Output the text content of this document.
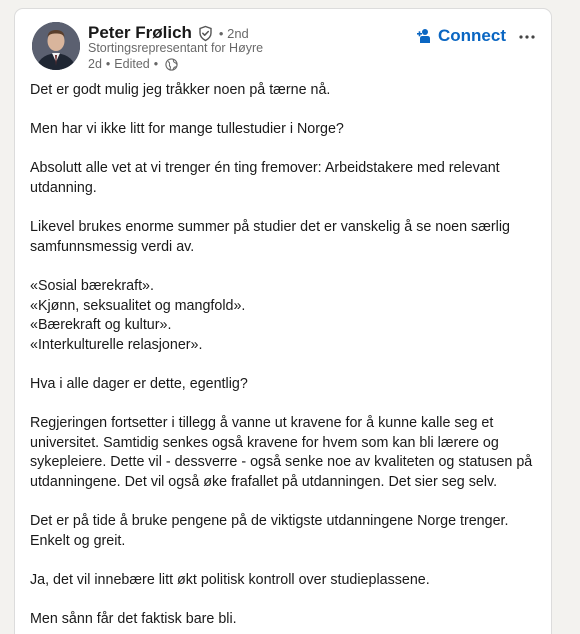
Peter Frølich • 2nd
Stortingsrepresentant for Høyre
2d • Edited •
Connect

Det er godt mulig jeg tråkker noen på tærne nå.

Men har vi ikke litt for mange tullestudier i Norge?

Absolutt alle vet at vi trenger én ting fremover: Arbeidstakere med relevant
utdanning.

Likevel brukes enorme summer på studier det er vanskelig å se noen særlig
samfunnsmessig verdi av.

«Sosial bærekraft».
«Kjønn, seksualitet og mangfold».
«Bærekraft og kultur».
«Interkulturelle relasjoner».

Hva i alle dager er dette, egentlig?

Regjeringen fortsetter i tillegg å vanne ut kravene for å kunne kalle seg et
universitet. Samtidig senkes også kravene for hvem som kan bli lærere og
sykepleiere. Dette vil - dessverre - også senke noe av kvaliteten og statusen på
utdanningene. Det vil også øke frafallet på utdanningen. Det sier seg selv.

Det er på tide å bruke pengene på de viktigste utdanningene Norge trenger.
Enkelt og greit.

Ja, det vil innebære litt økt politisk kontroll over studieplassene.

Men sånn får det faktisk bare bli.
